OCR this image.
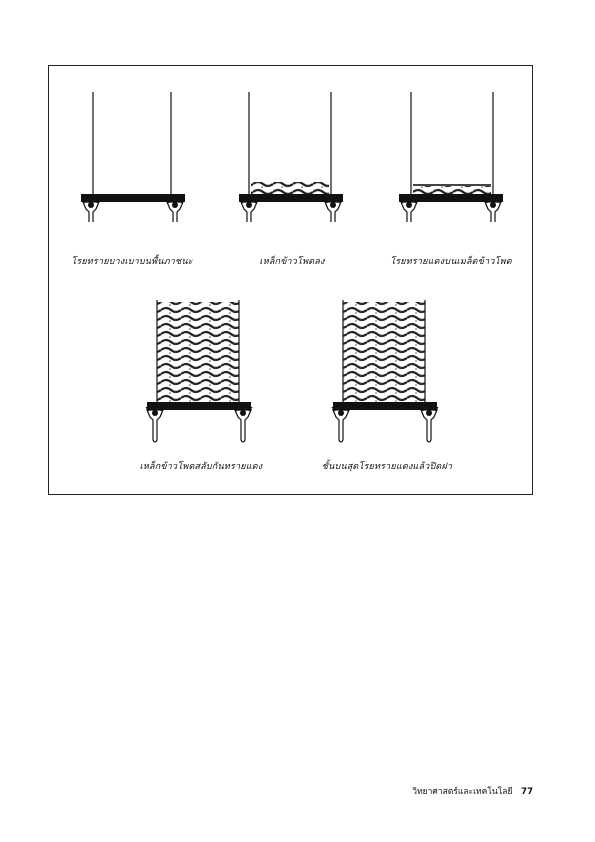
โรยทรายบางเบาบนพื้นภาชนะ	เหล็กข้าวโพดลง	โรยทรายแดงบนเมล็ดข้าวโพด
เหล็กข้าวโพดสลับกันทรายแดง	ชั้นบนสุดโรยทรายแดงแล้วปิดฝา
วิทยาศาสตร์และเทคโนโลยี 77
